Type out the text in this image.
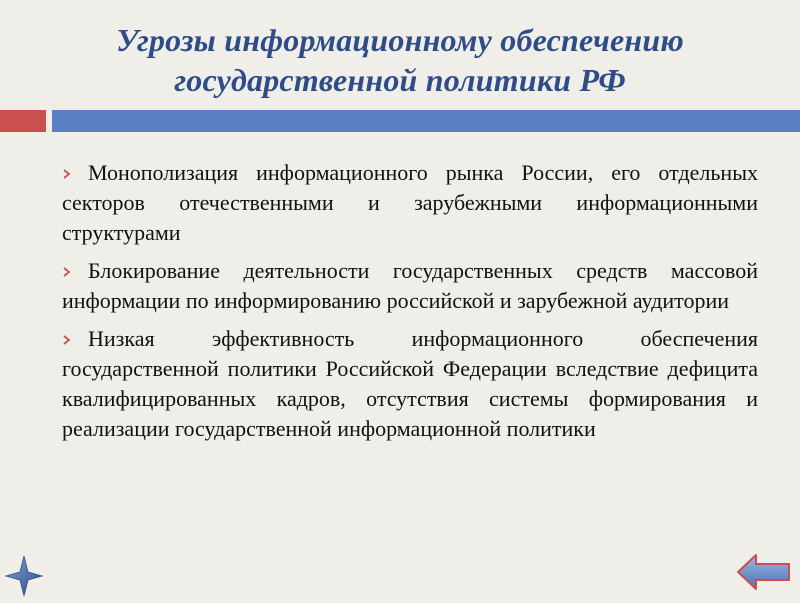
Угрозы информационному обеспечению
государственной политики РФ
Монополизация информационного рынка России, его отдельных секторов отечественными и зарубежными информационными структурами
Блокирование деятельности государственных средств массовой информации по информированию российской и зарубежной аудитории
Низкая эффективность информационного обеспечения государственной политики Российской Федерации вследствие дефицита квалифицированных кадров, отсутствия системы формирования и реализации государственной информационной политики
